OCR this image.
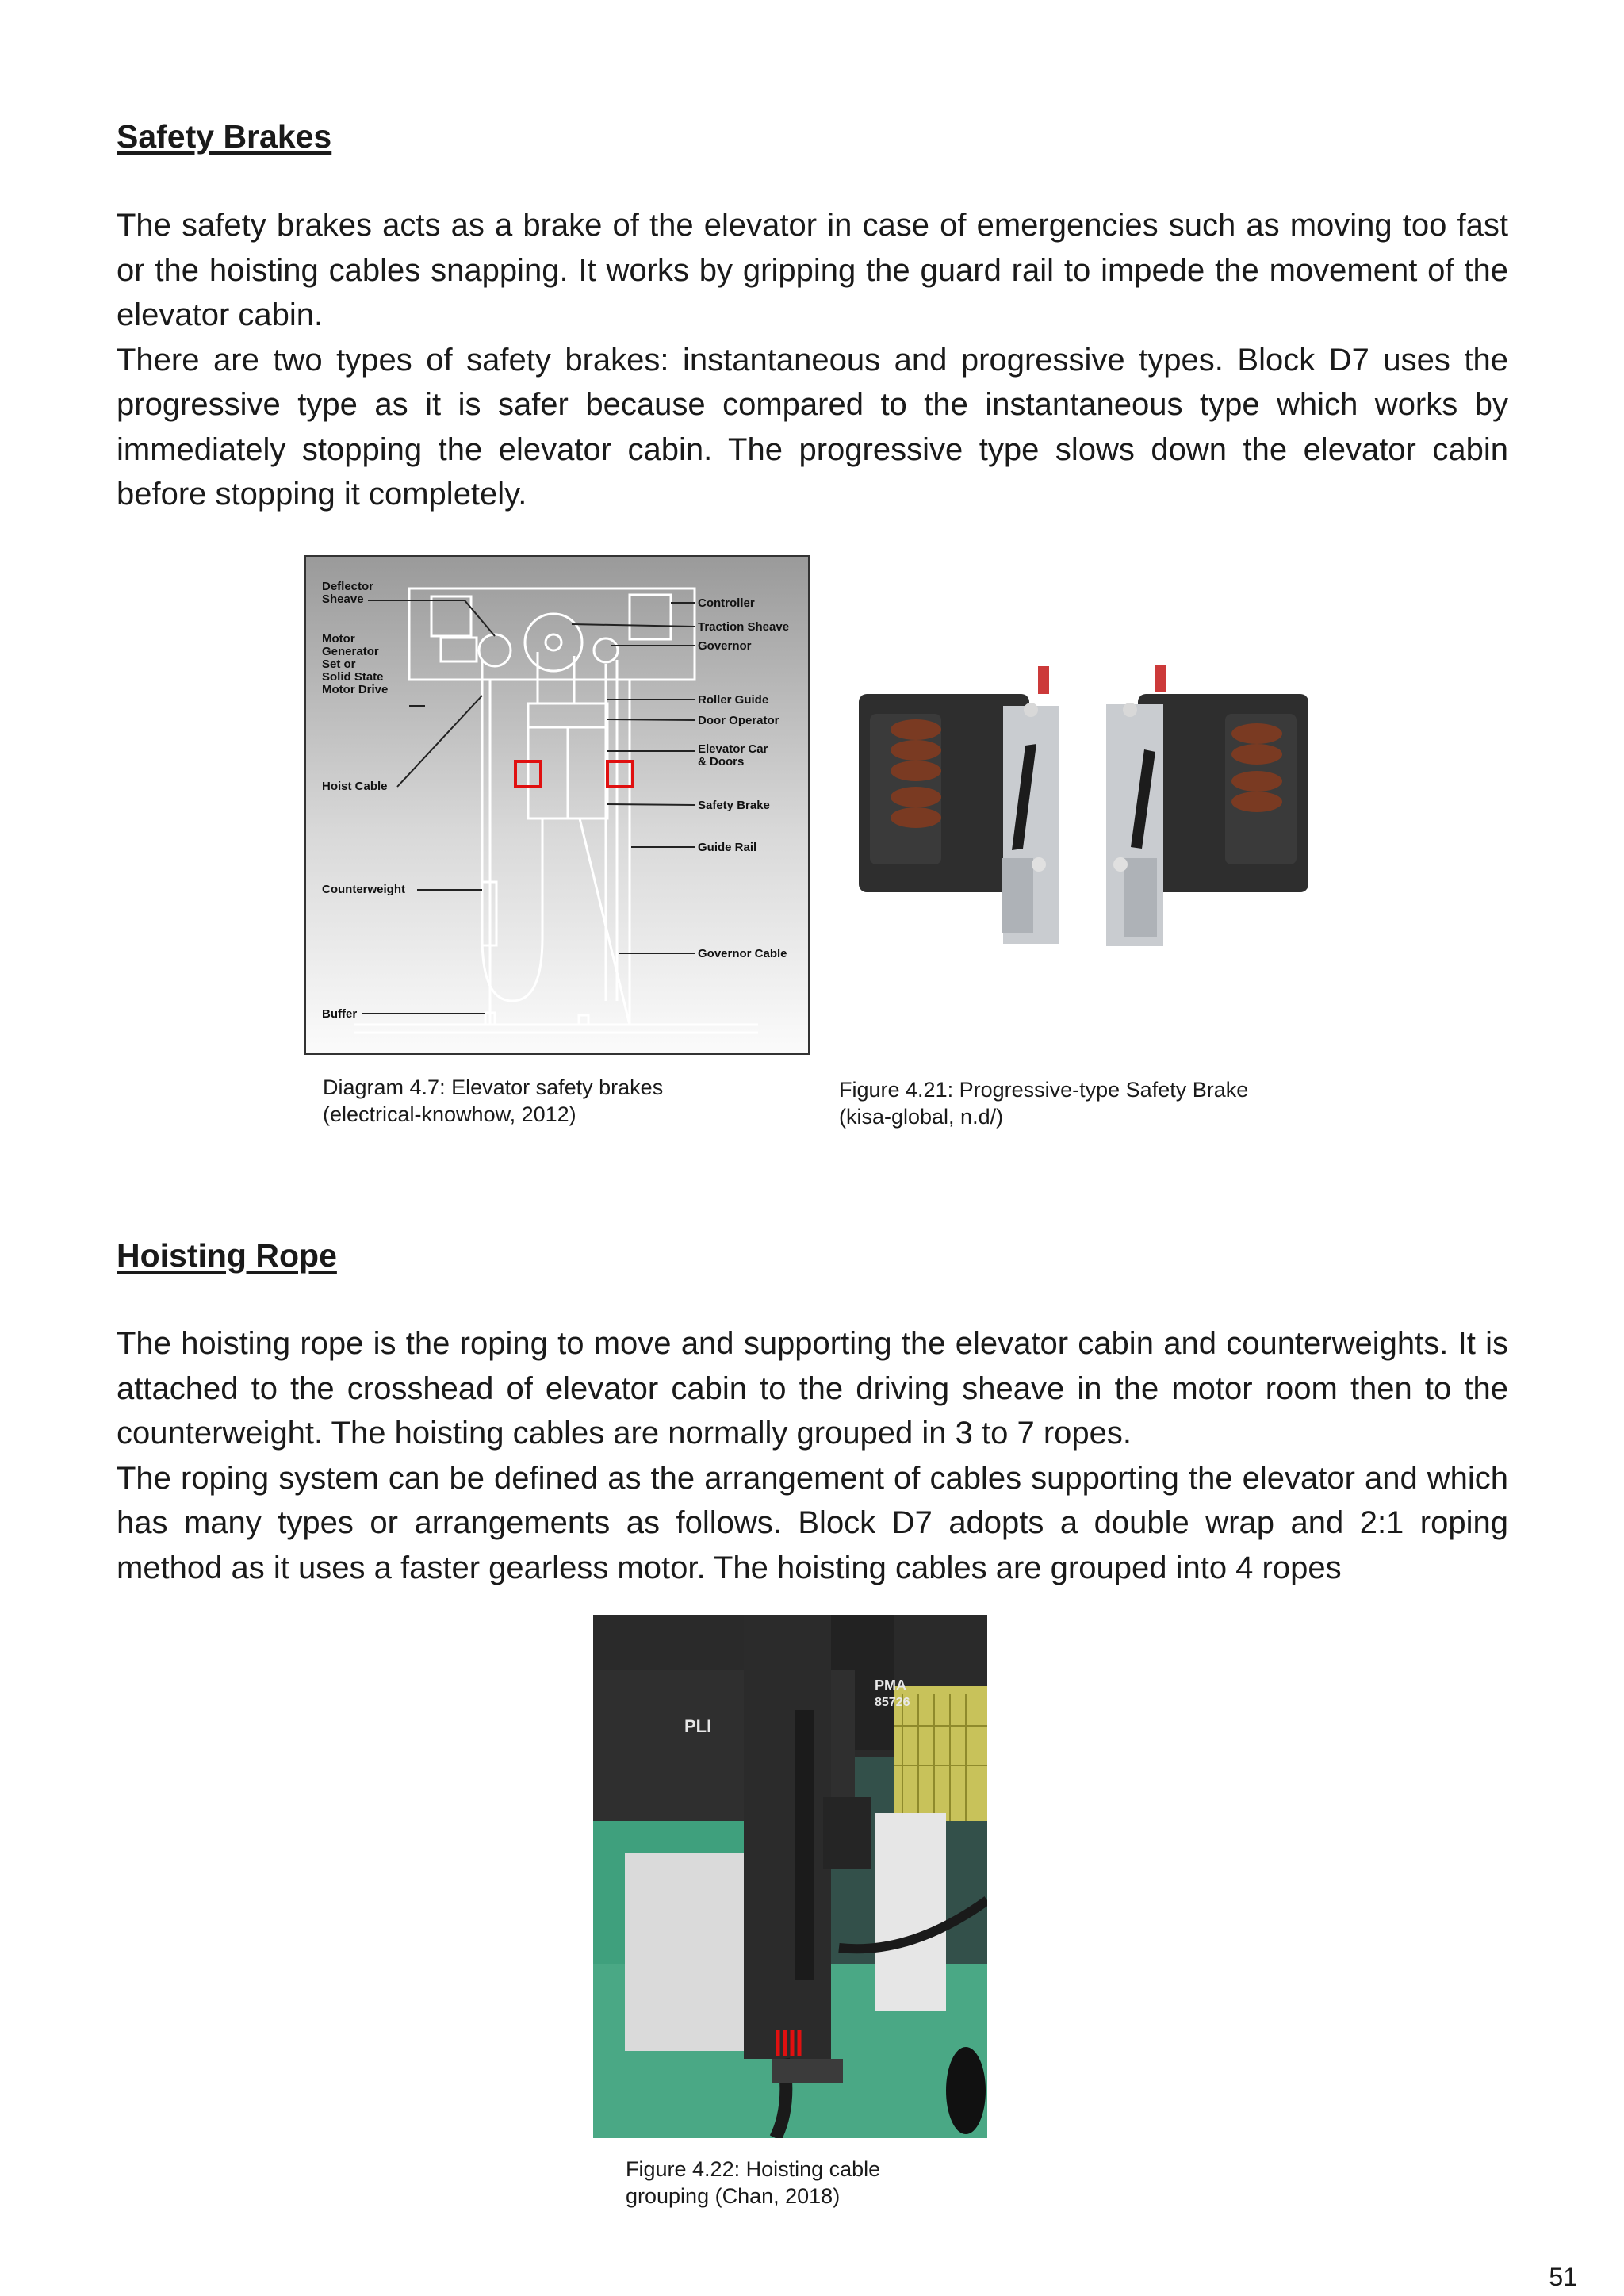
Safety Brakes

The safety brakes acts as a brake of the elevator in case of emergencies such as moving too fast or the hoisting cables snapping. It works by gripping the guard rail to impede the movement of the elevator cabin.

There are two types of safety brakes: instantaneous and progressive types. Block D7 uses the progressive type as it is safer because compared to the instantaneous type which works by immediately stopping the elevator cabin. The progressive type slows down the elevator cabin before stopping it completely.

Deflector
Sheave
Motor
Generator
Set or
Solid State
Motor Drive
Hoist Cable
Counterweight
Buffer
Controller
Traction Sheave
Governor
Roller Guide
Door Operator
Elevator Car
& Doors
Safety Brake
Guide Rail
Governor Cable

Diagram 4.7: Elevator safety brakes
(electrical-knowhow, 2012)

Figure 4.21: Progressive-type Safety Brake
(kisa-global, n.d/)

Hoisting Rope

The hoisting rope is the roping to move and supporting the elevator cabin and counterweights. It is attached to the crosshead of elevator cabin to the driving sheave in the motor room then to the counterweight. The hoisting cables are normally grouped in 3 to 7 ropes.

The roping system can be defined as the arrangement of cables supporting the elevator and which has many types or arrangements as follows. Block D7 adopts a double wrap and 2:1 roping method as it uses a faster gearless motor. The hoisting cables are grouped into 4 ropes

PLI
PMA
85726

Figure 4.22: Hoisting cable
grouping (Chan, 2018)

51
